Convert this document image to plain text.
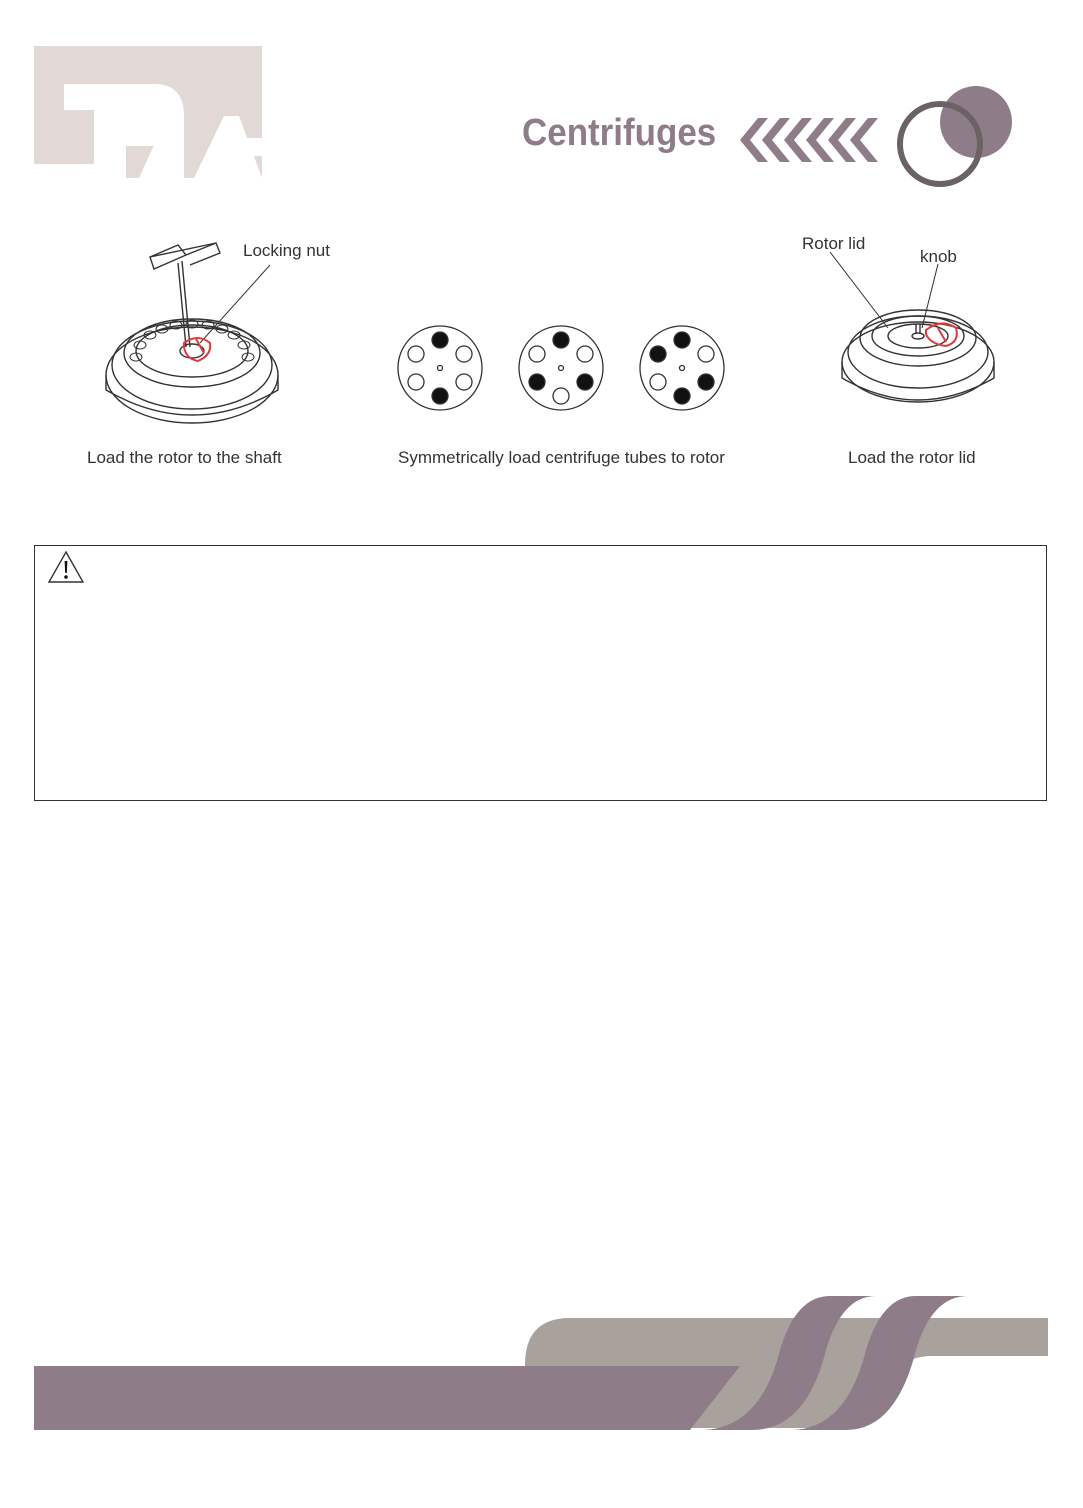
Centrifuges
Locking nut
Load the rotor to the shaft	Symmetrically load centrifuge tubes to rotor
Rotor lid
knob
Load the rotor lid
